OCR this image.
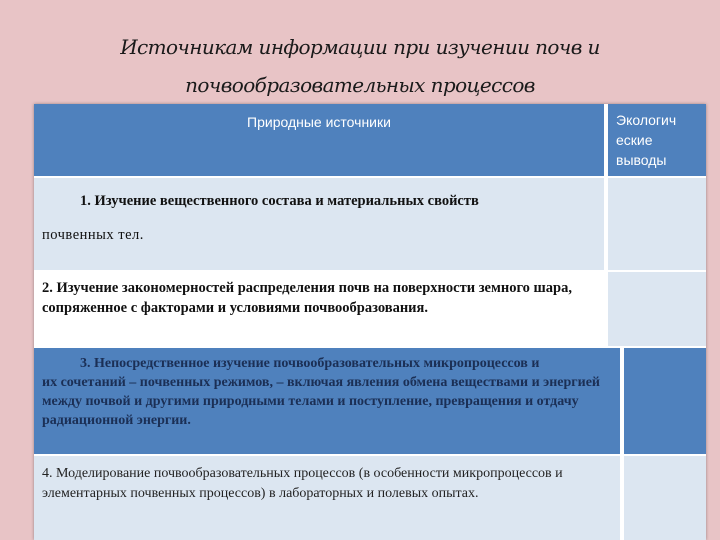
Источникам информации при изучении почв и
почвообразовательных процессов
Природные источники	Экологич
еские
выводы
1. Изучение вещественного состава и материальных свойств
почвенных тел.
2. Изучение закономерностей распределения почв на поверхности земного шара, сопряженное с факторами и условиями почвообразования.
3. Непосредственное изучение почвообразовательных микропроцессов и
их сочетаний – почвенных режимов, – включая явления обмена веществами и энергией между почвой и другими природными телами и поступление, превращения и отдачу радиационной энергии.
4. Моделирование почвообразовательных процессов (в особенности микропроцессов и элементарных почвенных процессов) в лабораторных и полевых опытах.
